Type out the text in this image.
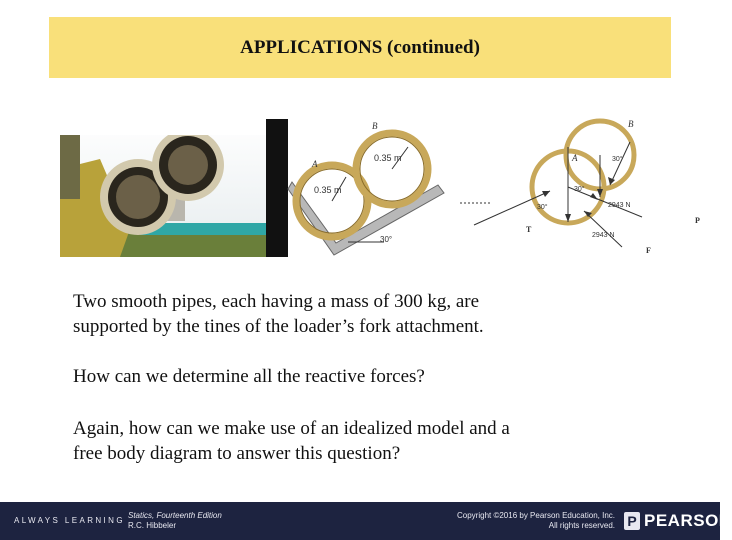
APPLICATIONS (continued)
A
B
0.35 m
0.35 m
30°
A
B
30°
30°
30°	2943 N
2943 N
T
P
F
Two smooth pipes, each having a mass of 300 kg, are
supported by the tines of the loader’s fork attachment.
How can we determine all the reactive forces?
Again, how can we make use of an idealized model and a
free body diagram to answer this question?
ALWAYS LEARNING
Statics, Fourteenth Edition
R.C. Hibbeler
Copyright ©2016 by Pearson Education, Inc.
All rights reserved. P PEARSON
